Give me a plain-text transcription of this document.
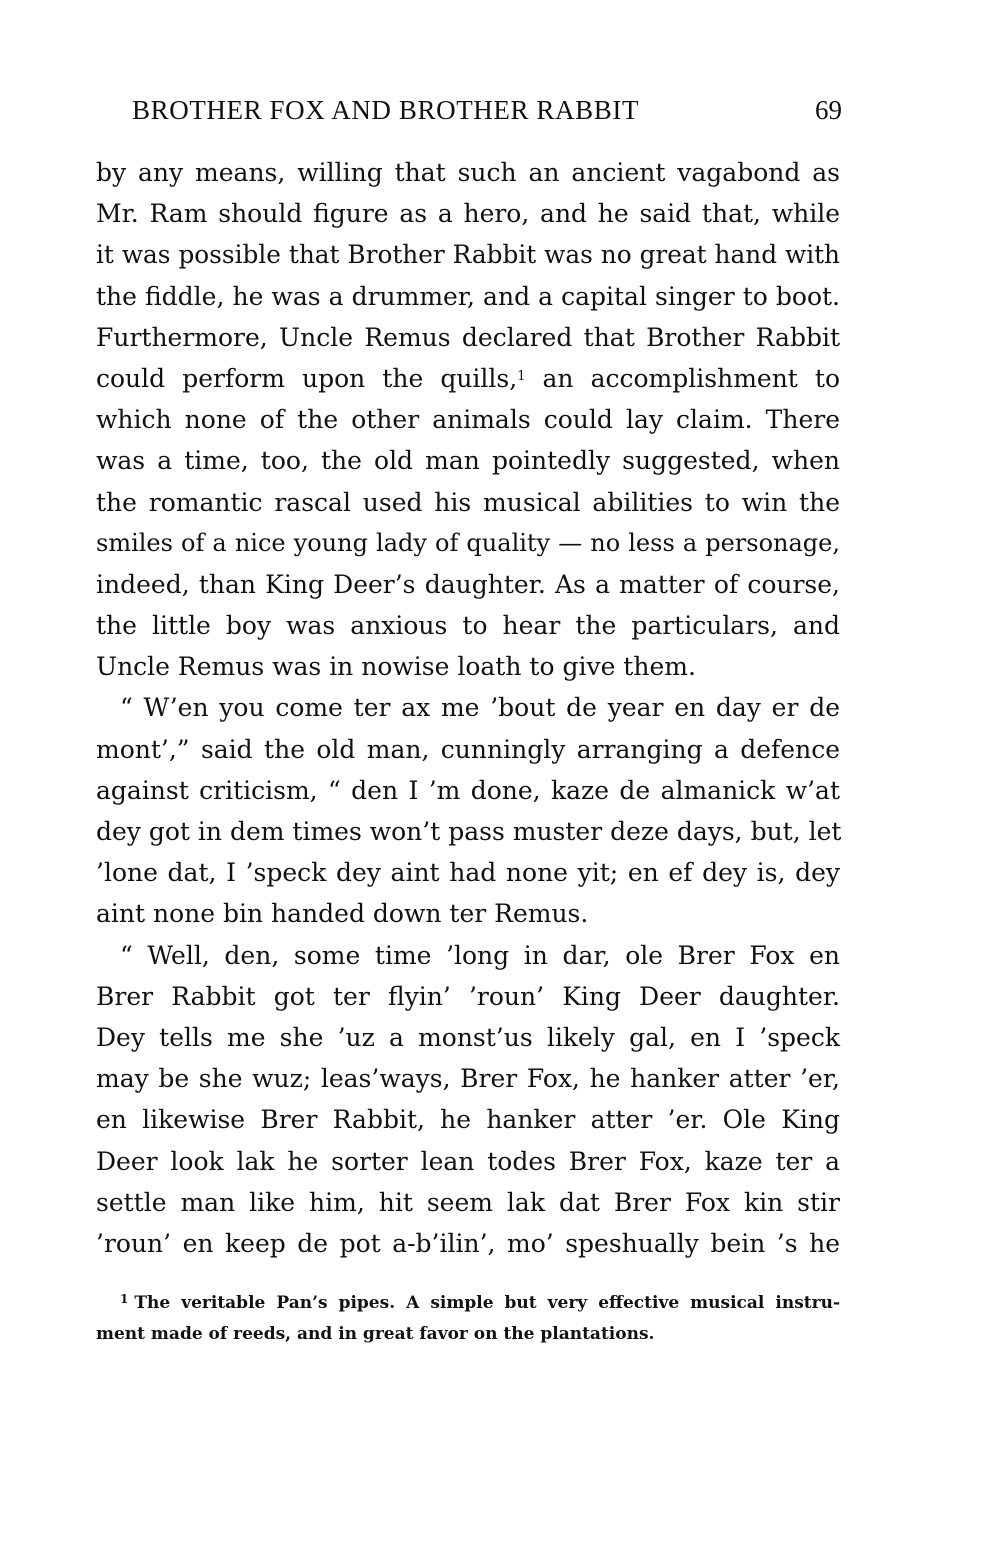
BROTHER FOX AND BROTHER RABBIT	69
by any means, willing that such an ancient vagabond as
Mr. Ram should figure as a hero, and he said that, while
it was possible that Brother Rabbit was no great hand with
the fiddle, he was a drummer, and a capital singer to boot.
Furthermore, Uncle Remus declared that Brother Rabbit
could perform upon the quills,$^1$ an accomplishment to
which none of the other animals could lay claim. There
was a time, too, the old man pointedly suggested, when
the romantic rascal used his musical abilities to win the
smiles of a nice young lady of quality — no less a personage,
indeed, than King Deer’s daughter. As a matter of course,
the little boy was anxious to hear the particulars, and
Uncle Remus was in nowise loath to give them.
“ W’en you come ter ax me ’bout de year en day er de
mont’,” said the old man, cunningly arranging a defence
against criticism, “ den I ’m done, kaze de almanick w’at
dey got in dem times won’t pass muster deze days, but, let
’lone dat, I ’speck dey aint had none yit; en ef dey is, dey
aint none bin handed down ter Remus.
“ Well, den, some time ’long in dar, ole Brer Fox en
Brer Rabbit got ter flyin’ ’roun’ King Deer daughter.
Dey tells me she ’uz a monst’us likely gal, en I ’speck
may be she wuz; leas’ways, Brer Fox, he hanker atter ’er,
en likewise Brer Rabbit, he hanker atter ’er. Ole King
Deer look lak he sorter lean todes Brer Fox, kaze ter a
settle man like him, hit seem lak dat Brer Fox kin stir
’roun’ en keep de pot a-b’ilin’, mo’ speshually bein ’s he
$^1$ The veritable Pan’s pipes. A simple but very effective musical instru-
ment made of reeds, and in great favor on the plantations.
